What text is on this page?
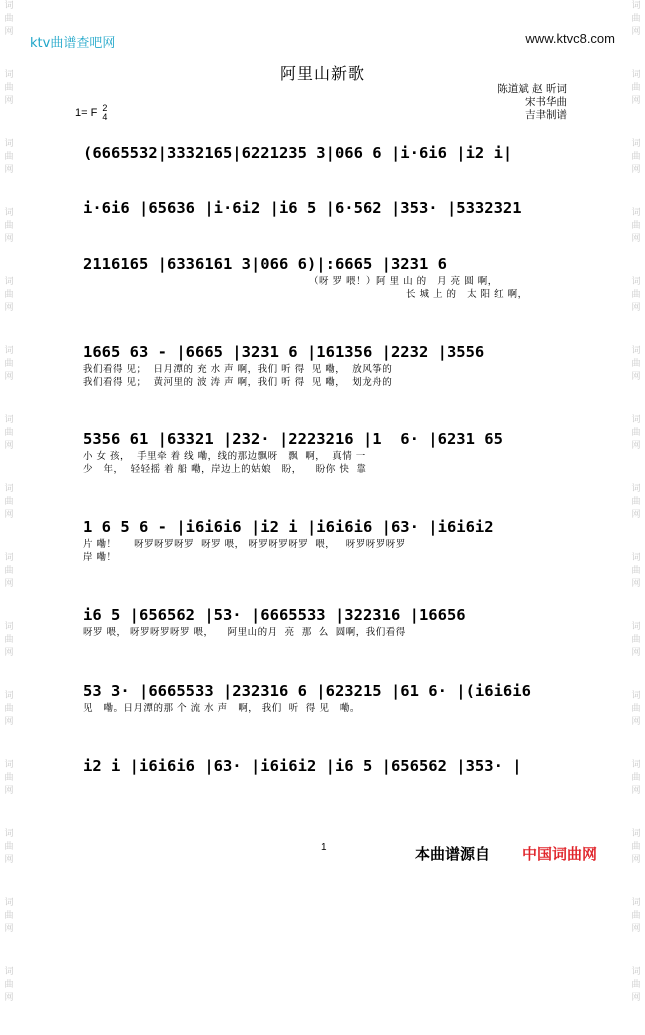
词
曲
网
词
曲
网
词
曲
网
词
曲
网
词
曲
网
词
曲
网
词
曲
网
词
曲
网
词
曲
网
词
曲
网
词
曲
网
词
曲
网
词
曲
网
词
曲
网
词
曲
网
词
曲
网
词
曲
网
词
曲
网
词
曲
网
词
曲
网
词
曲
网
词
曲
网
词
曲
网
词
曲
网
词
曲
网
词
曲
网
词
曲
网
词
曲
网
词
曲
网
词
曲
网
ktv曲谱查吧网	www.ktvc8.com
阿里山新歌
陈道斌 赵 昕词
宋书华曲
吉聿制谱
1= F 2
4
(6665532|3332165|6221235 3|066 6 |i·6i6 |i2 i|
i·6i6 |65636 |i·6i2 |i6 5 |6·562 |353· |5332321
2116165 |6336161 3|066 6)|:6665 |3231 6
（呀 罗 喂！）阿 里 山 的   月 亮 圆 啊，
长 城 上 的   太 阳 红 啊，
1665 63 - |6665 |3231 6 |161356 |2232 |3556
我们看得 见；  日月潭的 充 水 声 啊，我们 听 得  见 嘞，  放风筝的
我们看得 见；  黄河里的 波 涛 声 啊，我们 听 得  见 嘞，  划龙舟的
5356 61 |63321 |232· |2223216 |1  6· |6231 65
小 女 孩，  手里牵 着 线 嘞，线的那边飘呀   飘  啊，  真情 一
少   年，  轻轻摇 着 船 嘞，岸边上的姑娘   盼，    盼你 快  靠
1 6 5 6 - |i6i6i6 |i2 i |i6i6i6 |63· |i6i6i2
片 嘞！     呀罗呀罗呀罗  呀罗 喂， 呀罗呀罗呀罗  喂，   呀罗呀罗呀罗
岸 嘞！
i6 5 |656562 |53· |6665533 |322316 |16656
呀罗 喂， 呀罗呀罗呀罗 喂，    阿里山的月  亮  那  么  圆啊，我们看得
53 3· |6665533 |232316 6 |623215 |61 6· |(i6i6i6
见   嘞。日月潭的那 个 流 水 声   啊， 我们  听  得 见   嘞。
i2 i |i6i6i6 |63· |i6i6i2 |i6 5 |656562 |353· |
1	本曲谱源自 中国词曲网
